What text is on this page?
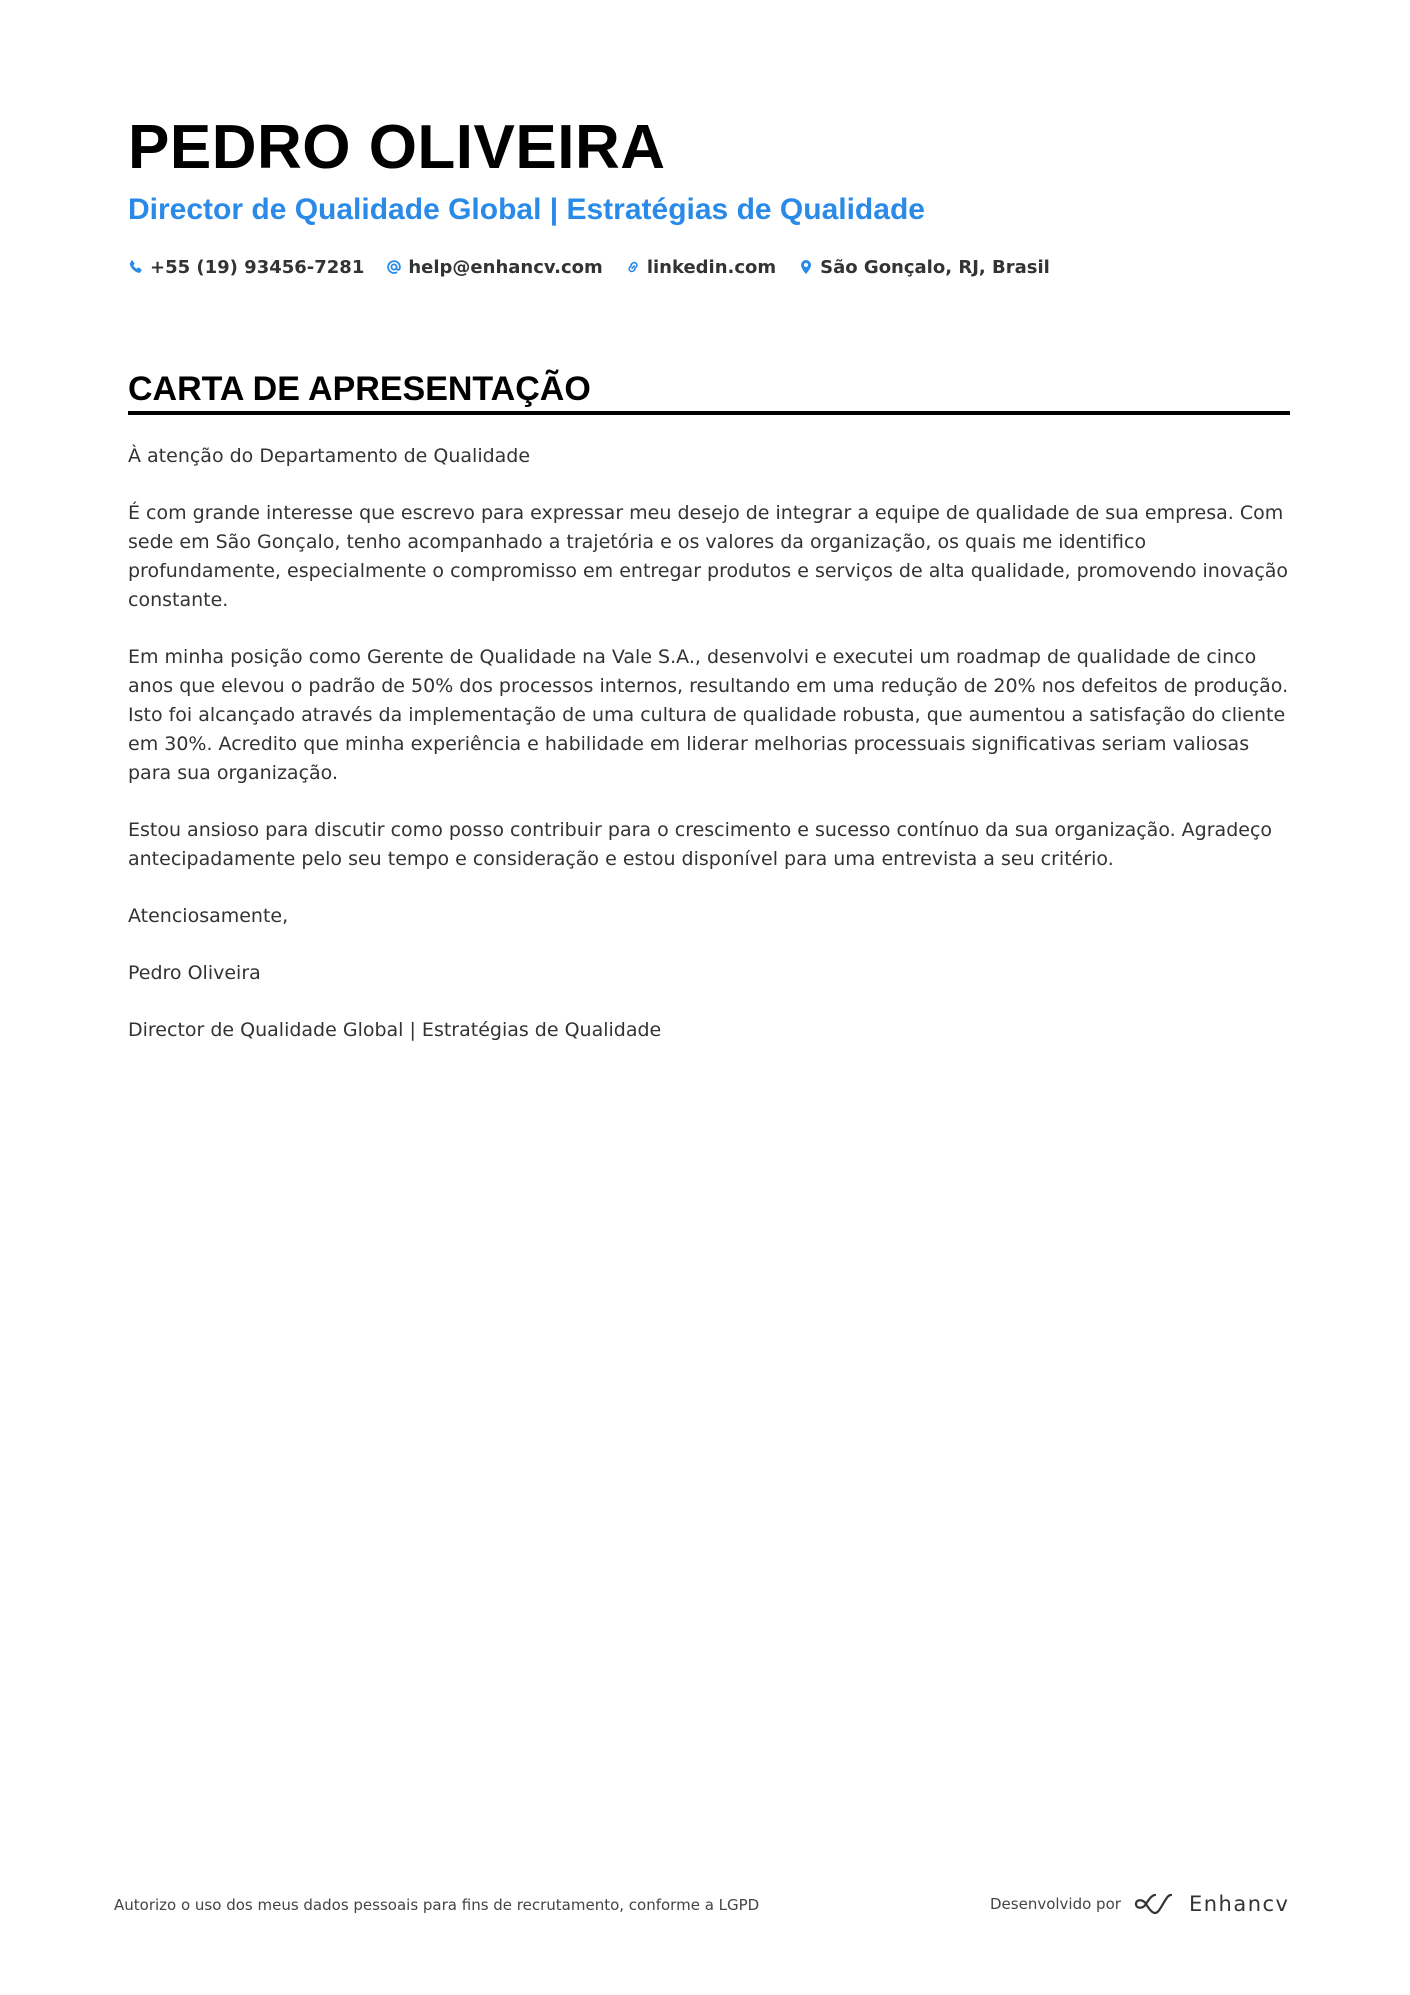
PEDRO OLIVEIRA
Director de Qualidade Global | Estratégias de Qualidade
+55 (19) 93456-7281 help@enhancv.com linkedin.com São Gonçalo, RJ, Brasil
CARTA DE APRESENTAÇÃO

À atenção do Departamento de Qualidade

É com grande interesse que escrevo para expressar meu desejo de integrar a equipe de qualidade de sua empresa. Com sede em São Gonçalo, tenho acompanhado a trajetória e os valores da organização, os quais me identifico profundamente, especialmente o compromisso em entregar produtos e serviços de alta qualidade, promovendo inovação constante.

Em minha posição como Gerente de Qualidade na Vale S.A., desenvolvi e executei um roadmap de qualidade de cinco anos que elevou o padrão de 50% dos processos internos, resultando em uma redução de 20% nos defeitos de produção. Isto foi alcançado através da implementação de uma cultura de qualidade robusta, que aumentou a satisfação do cliente em 30%. Acredito que minha experiência e habilidade em liderar melhorias processuais significativas seriam valiosas para sua organização.

Estou ansioso para discutir como posso contribuir para o crescimento e sucesso contínuo da sua organização. Agradeço antecipadamente pelo seu tempo e consideração e estou disponível para uma entrevista a seu critério.

Atenciosamente,

Pedro Oliveira

Director de Qualidade Global | Estratégias de Qualidade

Autorizo o uso dos meus dados pessoais para fins de recrutamento, conforme a LGPD	Desenvolvido por	Enhancv
